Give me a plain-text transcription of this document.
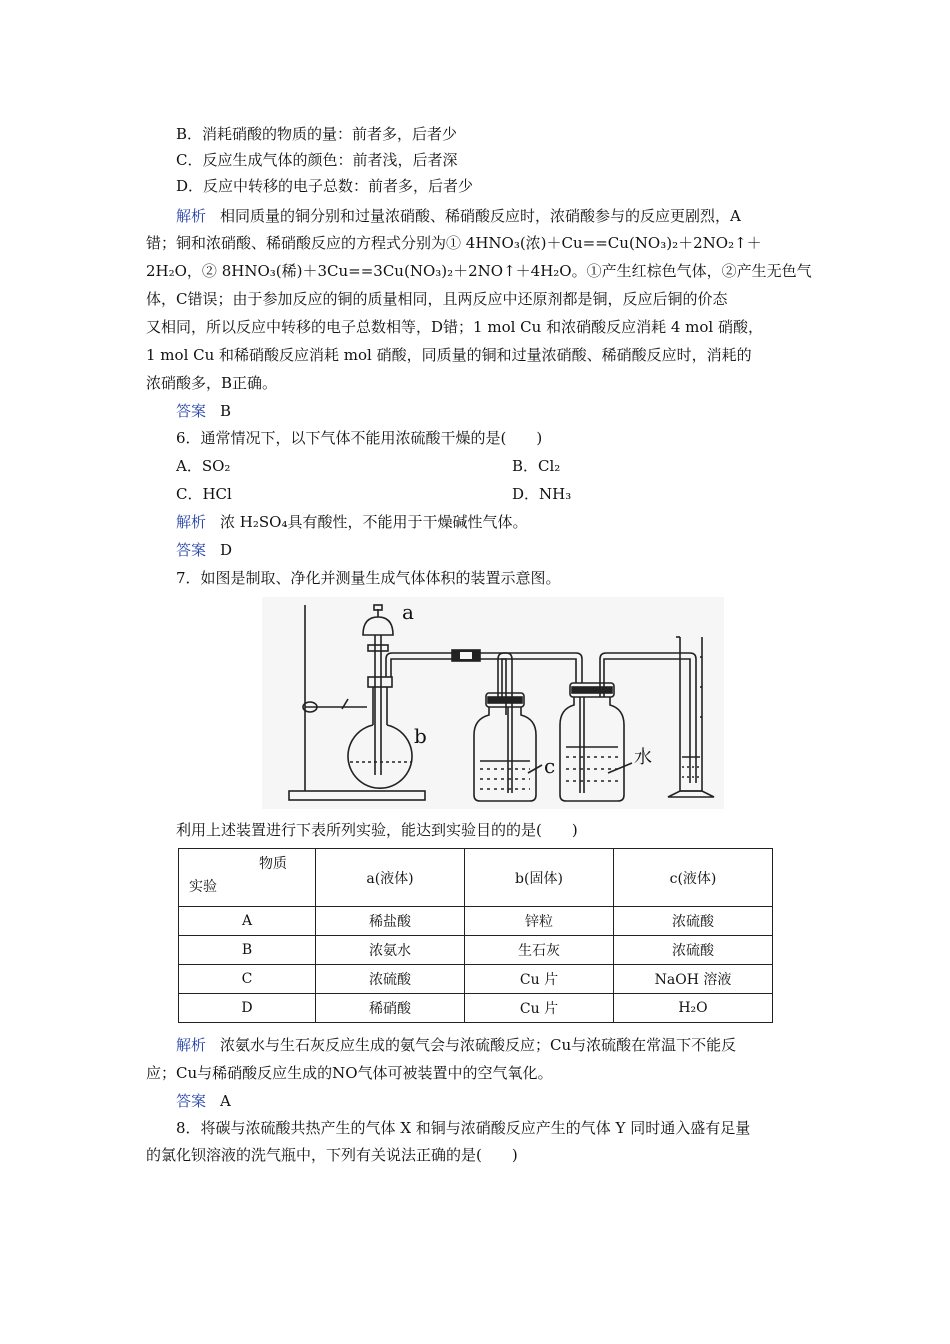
B．消耗硝酸的物质的量：前者多，后者少
C．反应生成气体的颜色：前者浅，后者深
D．反应中转移的电子总数：前者多，后者少
解析 相同质量的铜分别和过量浓硝酸、稀硝酸反应时，浓硝酸参与的反应更剧烈，A
错；铜和浓硝酸、稀硝酸反应的方程式分别为① 4HNO₃(浓)＋Cu==Cu(NO₃)₂＋2NO₂↑＋
2H₂O，② 8HNO₃(稀)＋3Cu==3Cu(NO₃)₂＋2NO↑＋4H₂O。①产生红棕色气体，②产生无色气
体，C错误；由于参加反应的铜的质量相同，且两反应中还原剂都是铜，反应后铜的价态
又相同，所以反应中转移的电子总数相等，D错；1 mol Cu 和浓硝酸反应消耗 4 mol 硝酸，
1 mol Cu 和稀硝酸反应消耗 mol 硝酸，同质量的铜和过量浓硝酸、稀硝酸反应时，消耗的
浓硝酸多，B正确。
答案 B
6．通常情况下，以下气体不能用浓硫酸干燥的是(　　)
A．SO₂	B．Cl₂
C．HCl	D．NH₃
解析 浓 H₂SO₄具有酸性，不能用于干燥碱性气体。
答案 D
7．如图是制取、净化并测量生成气体体积的装置示意图。
a
b
c	水
利用上述装置进行下表所列实验，能达到实验目的的是(　　)
物质
实验	a(液体)	b(固体)	c(液体)
A	稀盐酸	锌粒	浓硫酸
B	浓氨水	生石灰	浓硫酸
C	浓硫酸	Cu 片	NaOH 溶液
D	稀硝酸	Cu 片	H₂O
解析 浓氨水与生石灰反应生成的氨气会与浓硫酸反应；Cu与浓硫酸在常温下不能反
应；Cu与稀硝酸反应生成的NO气体可被装置中的空气氧化。
答案 A
8．将碳与浓硫酸共热产生的气体 X 和铜与浓硝酸反应产生的气体 Y 同时通入盛有足量
的氯化钡溶液的洗气瓶中，下列有关说法正确的是(　　)
